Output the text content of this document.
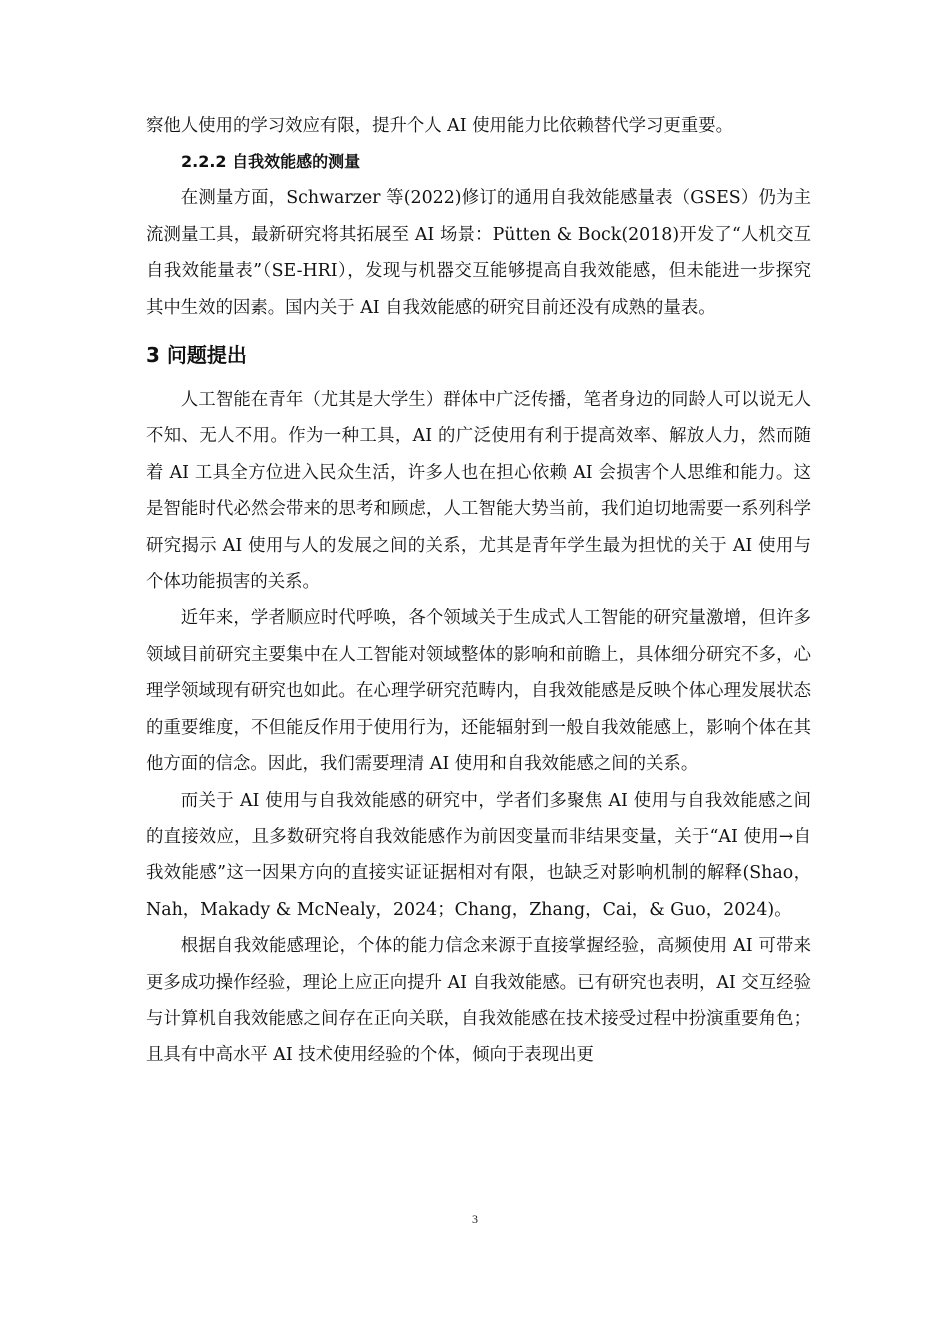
察他人使用的学习效应有限，提升个人 AI 使用能力比依赖替代学习更重要。

2.2.2 自我效能感的测量

在测量方面，Schwarzer 等(2022)修订的通用自我效能感量表（GSES）仍为主流测量工具，最新研究将其拓展至 AI 场景：Pütten & Bock(2018)开发了“人机交互自我效能量表”（SE-HRI），发现与机器交互能够提高自我效能感，但未能进一步探究其中生效的因素。国内关于 AI 自我效能感的研究目前还没有成熟的量表。

3 问题提出

人工智能在青年（尤其是大学生）群体中广泛传播，笔者身边的同龄人可以说无人不知、无人不用。作为一种工具，AI 的广泛使用有利于提高效率、解放人力，然而随着 AI 工具全方位进入民众生活，许多人也在担心依赖 AI 会损害个人思维和能力。这是智能时代必然会带来的思考和顾虑，人工智能大势当前，我们迫切地需要一系列科学研究揭示 AI 使用与人的发展之间的关系，尤其是青年学生最为担忧的关于 AI 使用与个体功能损害的关系。

近年来，学者顺应时代呼唤，各个领域关于生成式人工智能的研究量激增，但许多领域目前研究主要集中在人工智能对领域整体的影响和前瞻上，具体细分研究不多，心理学领域现有研究也如此。在心理学研究范畴内，自我效能感是反映个体心理发展状态的重要维度，不但能反作用于使用行为，还能辐射到一般自我效能感上，影响个体在其他方面的信念。因此，我们需要理清 AI 使用和自我效能感之间的关系。

而关于 AI 使用与自我效能感的研究中，学者们多聚焦 AI 使用与自我效能感之间的直接效应，且多数研究将自我效能感作为前因变量而非结果变量，关于“AI 使用→自我效能感”这一因果方向的直接实证证据相对有限，也缺乏对影响机制的解释(Shao，Nah，Makady & McNealy，2024；Chang，Zhang，Cai，& Guo，2024)。

根据自我效能感理论，个体的能力信念来源于直接掌握经验，高频使用 AI 可带来更多成功操作经验，理论上应正向提升 AI 自我效能感。已有研究也表明，AI 交互经验与计算机自我效能感之间存在正向关联，自我效能感在技术接受过程中扮演重要角色；且具有中高水平 AI 技术使用经验的个体，倾向于表现出更

3
